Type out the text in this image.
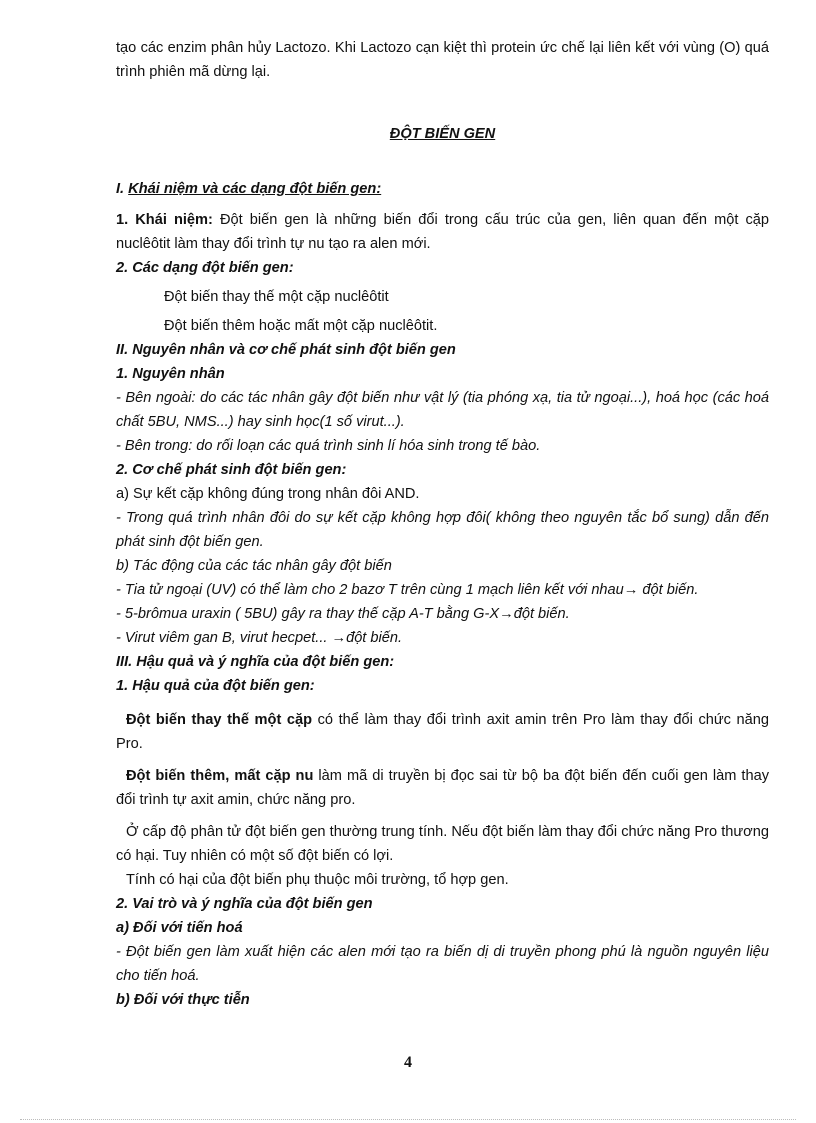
tạo các enzim phân hủy Lactozo. Khi Lactozo cạn kiệt thì protein ức chế lại liên kết với vùng (O) quá trình phiên mã dừng lại.

ĐỘT BIẾN GEN

I. Khái niệm và các dạng đột biến gen:

1. Khái niệm: Đột biến gen là những biến đổi trong cấu trúc của gen, liên quan đến một cặp nuclêôtit làm thay đổi trình tự nu tạo ra alen mới.

2. Các dạng đột biến gen:

Đột biến thay thế một cặp nuclêôtit

Đột biến thêm hoặc mất một cặp nuclêôtit.

II. Nguyên nhân và cơ chế phát sinh đột biến gen

1. Nguyên nhân

- Bên ngoài: do các tác nhân gây đột biến như vật lý (tia phóng xạ, tia tử ngoại...), hoá học (các hoá chất 5BU, NMS...) hay sinh học(1 số virut...).

- Bên trong: do rối loạn các quá trình sinh lí hóa sinh trong tế bào.

2. Cơ chế phát sinh đột biến gen:

a) Sự kết cặp không đúng trong nhân đôi AND.

- Trong quá trình nhân đôi do sự kết cặp không hợp đôi( không theo nguyên tắc bổ sung) dẫn đến phát sinh đột biến gen.

b) Tác động của các tác nhân gây đột biến

- Tia tử ngoại (UV) có thể làm cho 2 bazơ T trên cùng 1 mạch liên kết với nhau→ đột biến.

- 5-brômua uraxin ( 5BU) gây ra thay thế cặp A-T bằng G-X→đột biến.

- Virut viêm gan B, virut hecpet... →đột biến.

III. Hậu quả và ý nghĩa của đột biến gen:

1. Hậu quả của đột biến gen:

Đột biến thay thế một cặp có thể làm thay đổi trình axit amin trên Pro làm thay đổi chức năng Pro.

Đột biến thêm, mất cặp nu làm mã di truyền bị đọc sai từ bộ ba đột biến đến cuối gen làm thay đổi trình tự axit amin, chức năng pro.

Ở cấp độ phân tử đột biến gen thường trung tính. Nếu đột biến làm thay đổi chức năng Pro thương có hại. Tuy nhiên có một số đột biến có lợi.

Tính có hại của đột biến phụ thuộc môi trường, tổ hợp gen.

2. Vai trò và ý nghĩa của đột biến gen

a) Đối với tiến hoá

- Đột biến gen làm xuất hiện các alen mới tạo ra biến dị di truyền phong phú là nguồn nguyên liệu cho tiến hoá.

b) Đối với thực tiễn

4
